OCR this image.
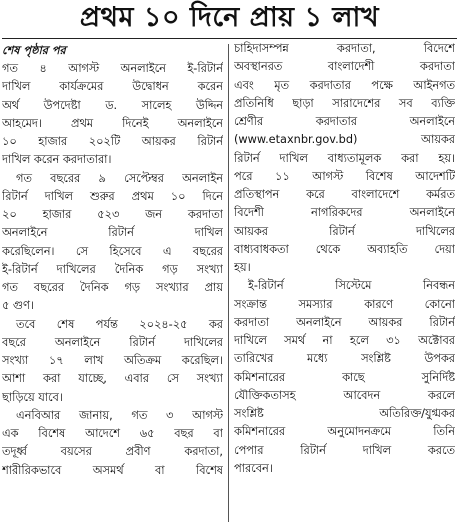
প্রথম ১০ দিনে প্রায় ১ লাখ
শেষ পৃষ্ঠার পর
গত ৪ আগস্ট অনলাইনে ই-রিটার্ন
দাখিল কার্যক্রমের উদ্বোধন করেন
অর্থ উপদেষ্টা ড. সালেহ উদ্দিন
আহমেদ। প্রথম দিনেই অনলাইনে
১০ হাজার ২০২টি আয়কর রিটার্ন
দাখিল করেন করদাতারা।
গত বছরের ৯ সেপ্টেম্বর অনলাইন
রিটার্ন দাখিল শুরুর প্রথম ১০ দিনে
২০ হাজার ৫২৩ জন করদাতা
অনলাইনে রিটার্ন দাখিল
করেছিলেন। সে হিসেবে এ বছরের
ই-রিটার্ন দাখিলের দৈনিক গড় সংখ্যা
গত বছরের দৈনিক গড় সংখ্যার প্রায়
৫ গুণ।
তবে শেষ পর্যন্ত ২০২৪-২৫ কর
বছরে অনলাইনে রিটার্ন দাখিলের
সংখ্যা ১৭ লাখ অতিক্রম করেছিল।
আশা করা যাচ্ছে, এবার সে সংখ্যা
ছাড়িয়ে যাবে।
এনবিআর জানায়, গত ৩ আগস্ট
এক বিশেষ আদেশে ৬৫ বছর বা
তদূর্ধ্ব বয়সের প্রবীণ করদাতা,
শারীরিকভাবে অসমর্থ বা বিশেষ
চাহিদাসম্পন্ন করদাতা, বিদেশে
অবস্থানরত বাংলাদেশী করদাতা
এবং মৃত করদাতার পক্ষে আইনগত
প্রতিনিধি ছাড়া সারাদেশের সব ব্যক্তি
শ্রেণীর করদাতার অনলাইনে
(www.etaxnbr.gov.bd) আয়কর
রিটার্ন দাখিল বাধ্যতামূলক করা হয়।
পরে ১১ আগস্ট বিশেষ আদেশটি
প্রতিস্থাপন করে বাংলাদেশে কর্মরত
বিদেশী নাগরিকদের অনলাইনে
আয়কর রিটার্ন দাখিলের
বাধ্যবাধকতা থেকে অব্যাহতি দেয়া
হয়।
ই-রিটার্ন সিস্টেমে নিবন্ধন
সংক্রান্ত সমস্যার কারণে কোনো
করদাতা অনলাইনে আয়কর রিটার্ন
দাখিলে সমর্থ না হলে ৩১ অক্টোবর
তারিখের মধ্যে সংশ্লিষ্ট উপকর
কমিশনারের কাছে সুনির্দিষ্ট
যৌক্তিকতাসহ আবেদন করলে
সংশ্লিষ্ট অতিরিক্ত/যুগ্মকর
কমিশনারের অনুমোদনক্রমে তিনি
পেপার রিটার্ন দাখিল করতে
পারবেন।
